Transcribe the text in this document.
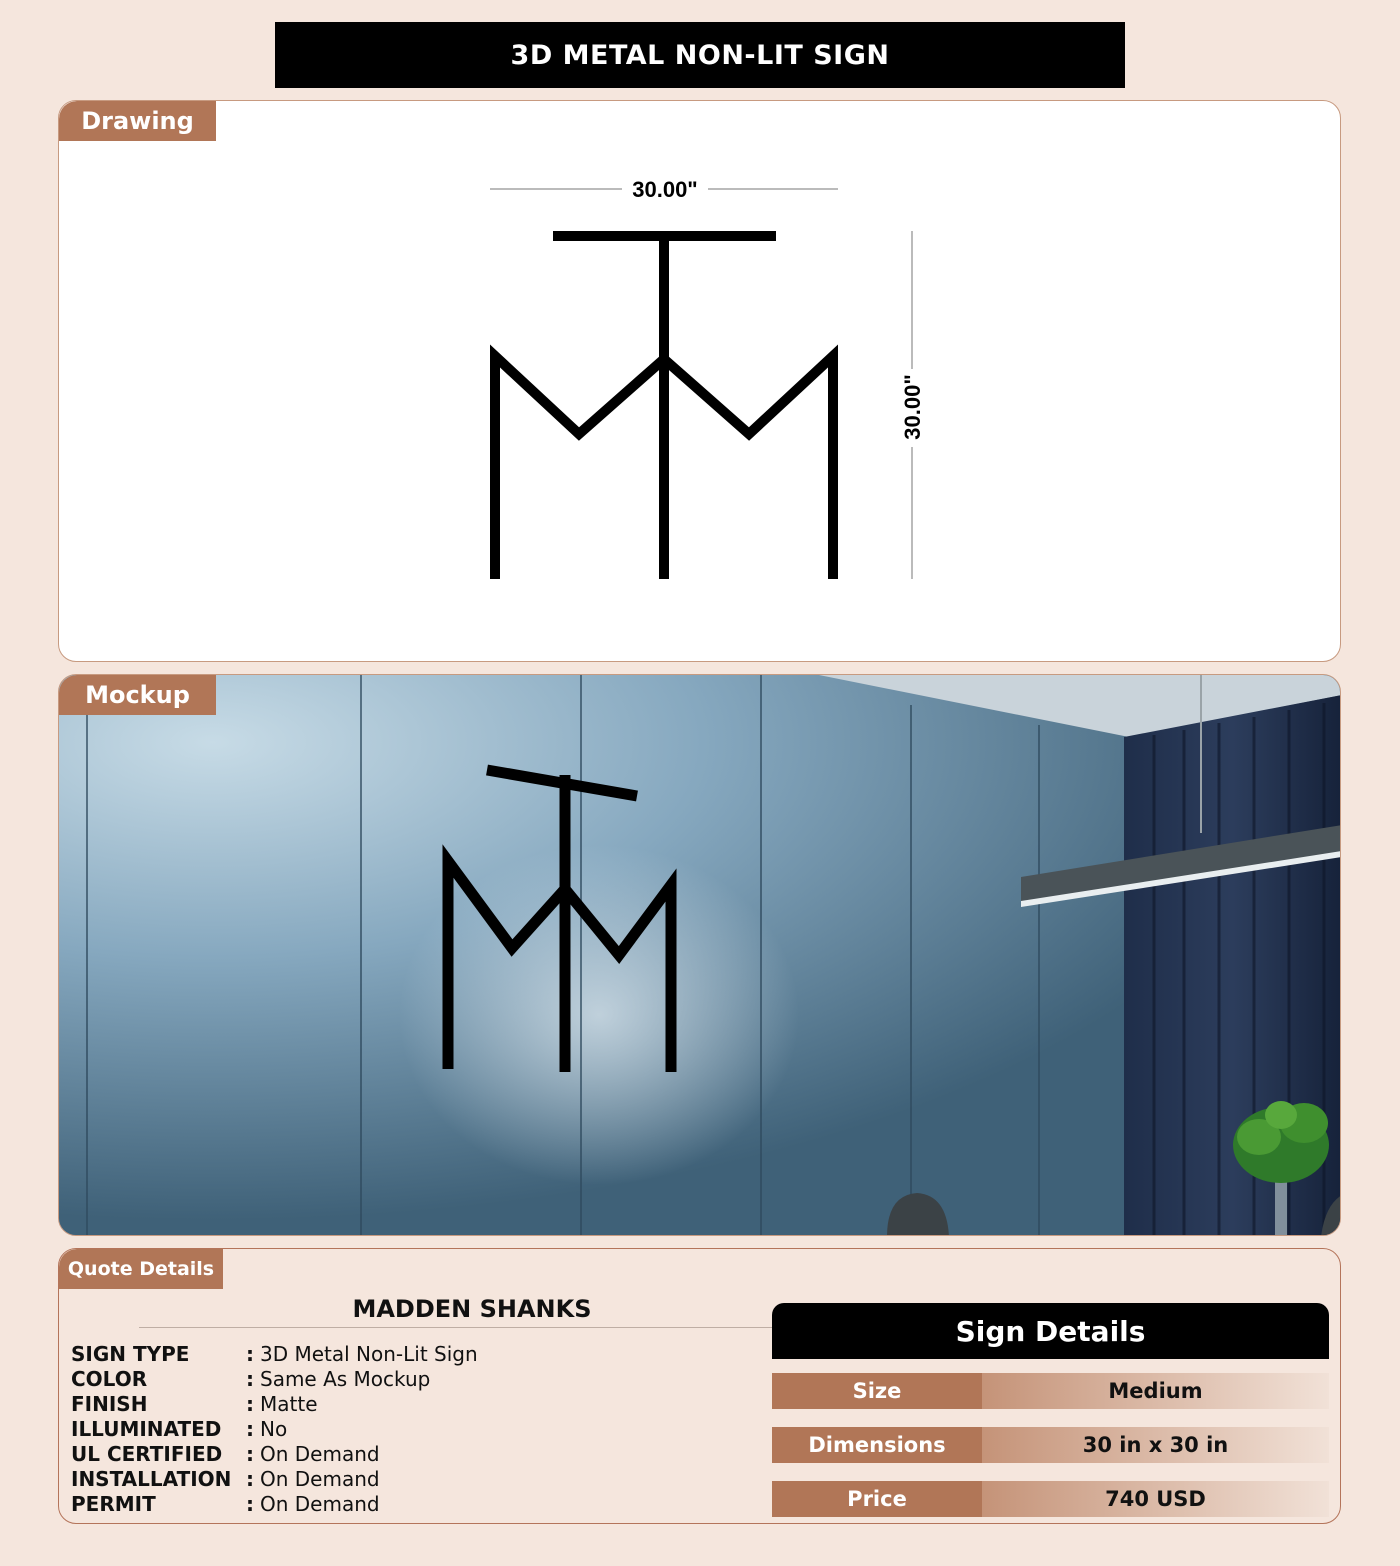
3D METAL NON-LIT SIGN
Drawing
30.00"
30.00"
Mockup
Quote Details
MADDEN SHANKS
SIGN TYPE	:	3D Metal Non-Lit Sign
COLOR	:	Same As Mockup
FINISH	:	Matte
ILLUMINATED	:	No
UL CERTIFIED	:	On Demand
INSTALLATION	:	On Demand
PERMIT	:	On Demand
Sign Details
Size	Medium
Dimensions	30 in x 30 in
Price	740 USD
